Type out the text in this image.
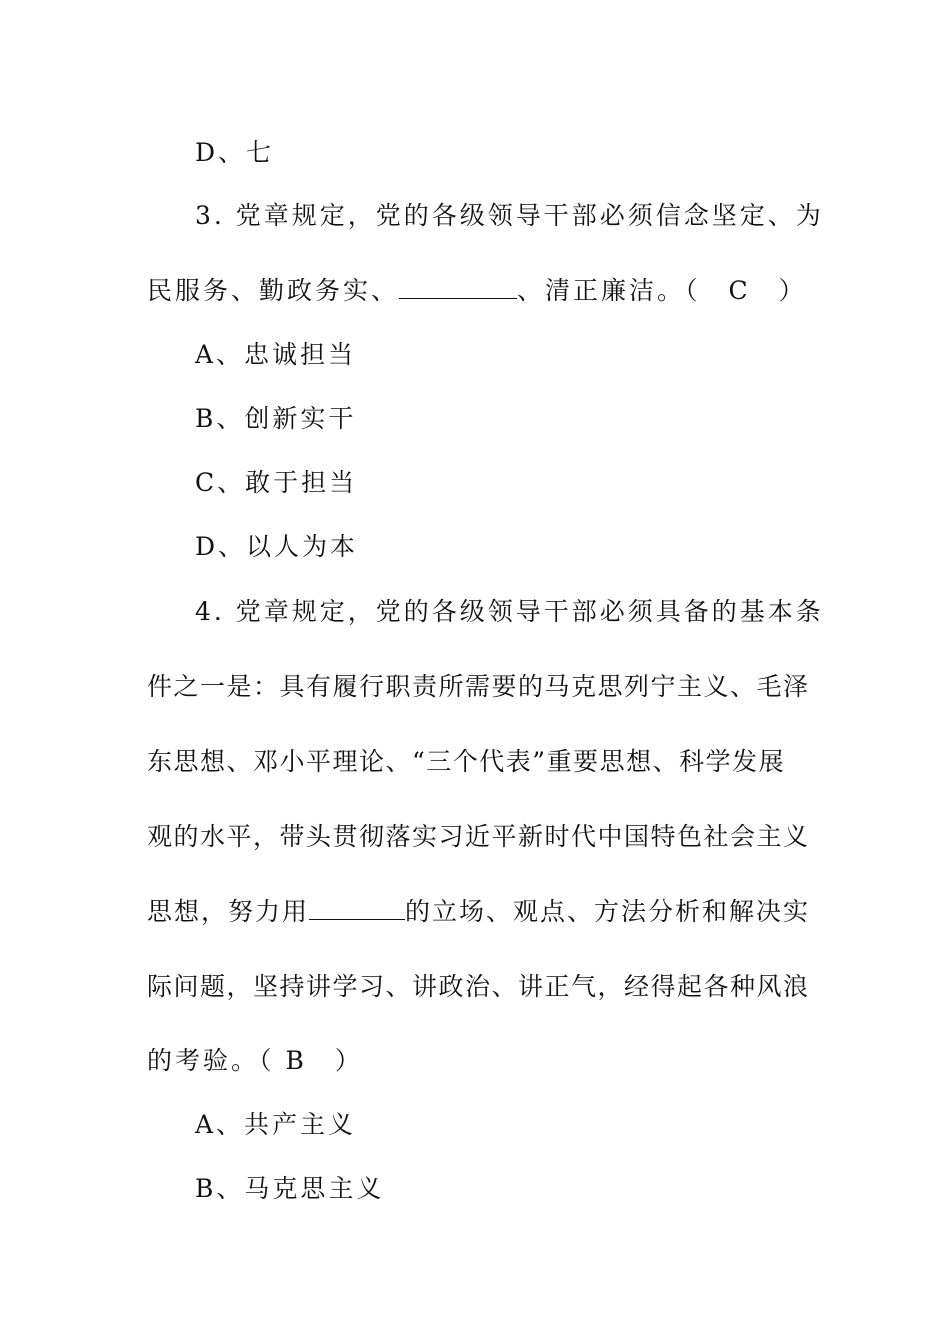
D、七
3. 党章规定，党的各级领导干部必须信念坚定、为
民服务、勤政务实、	、清正廉洁。（　C　）
A、忠诚担当
B、创新实干
C、敢于担当
D、以人为本
4. 党章规定，党的各级领导干部必须具备的基本条
件之一是：具有履行职责所需要的马克思列宁主义、毛泽
东思想、邓小平理论、“三个代表”重要思想、科学发展
观的水平，带头贯彻落实习近平新时代中国特色社会主义
思想，努力用	的立场、观点、方法分析和解决实
际问题，坚持讲学习、讲政治、讲正气，经得起各种风浪
的考验。（ B　）
A、共产主义
B、马克思主义
